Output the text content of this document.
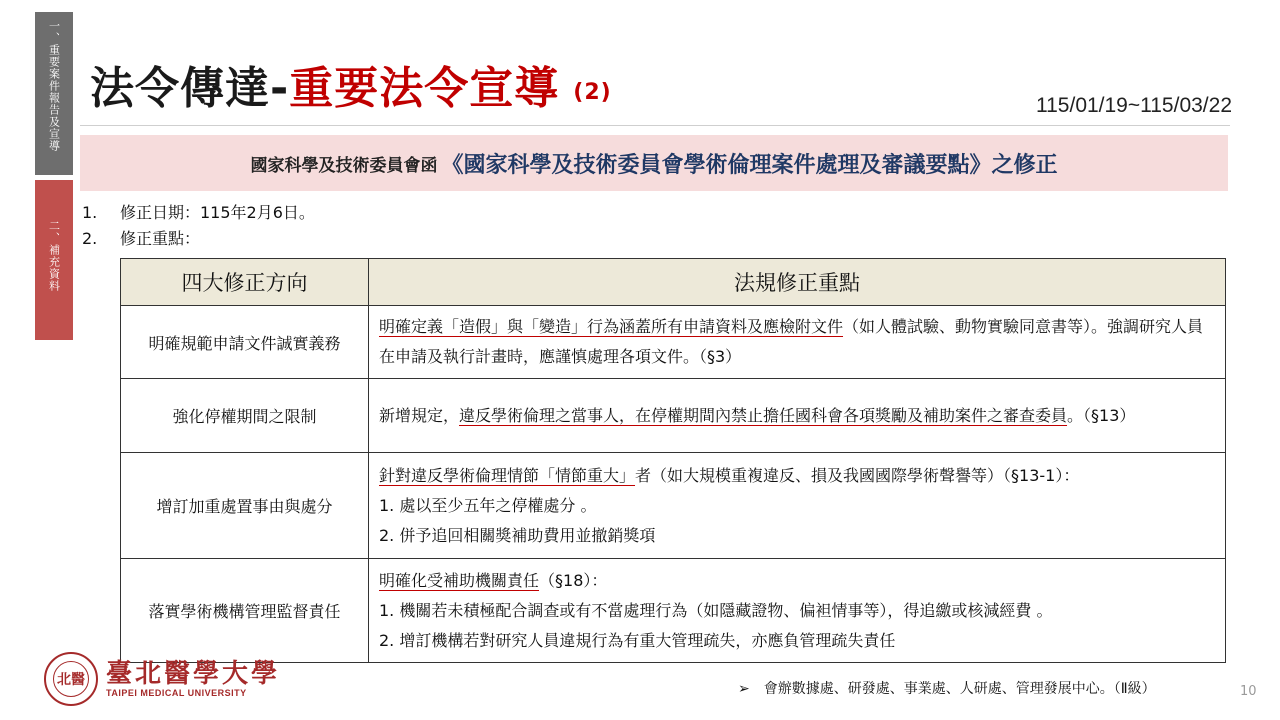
一、重要案件報告及宣導
二、補充資料
法令傳達-重要法令宣導 (2)
115/01/19~115/03/22
國家科學及技術委員會函 《國家科學及技術委員會學術倫理案件處理及審議要點》之修正
1.	修正日期：115年2月6日。
2.	修正重點：
四大修正方向	法規修正重點
明確規範申請文件誠實義務	明確定義「造假」與「變造」行為涵蓋所有申請資料及應檢附文件（如人體試驗、動物實驗同意書等）。強調研究人員在申請及執行計畫時，應謹慎處理各項文件。（§3）

強化停權期間之限制	新增規定，違反學術倫理之當事人，在停權期間內禁止擔任國科會各項獎勵及補助案件之審查委員。（§13）

增訂加重處置事由與處分	針對違反學術倫理情節「情節重大」者（如大規模重複違反、損及我國國際學術聲譽等）（§13-1）：
1. 處以至少五年之停權處分 。
2. 併予追回相關獎補助費用並撤銷獎項

落實學術機構管理監督責任	明確化受補助機關責任（§18）：
1. 機關若未積極配合調查或有不當處理行為（如隱藏證物、偏袒情事等），得追繳或核減經費 。
2. 增訂機構若對研究人員違規行為有重大管理疏失，亦應負管理疏失責任
北醫 臺北醫學大學
TAIPEI MEDICAL UNIVERSITY	➢ 會辦數據處、研發處、事業處、人研處、管理發展中心。（Ⅱ級）	10
